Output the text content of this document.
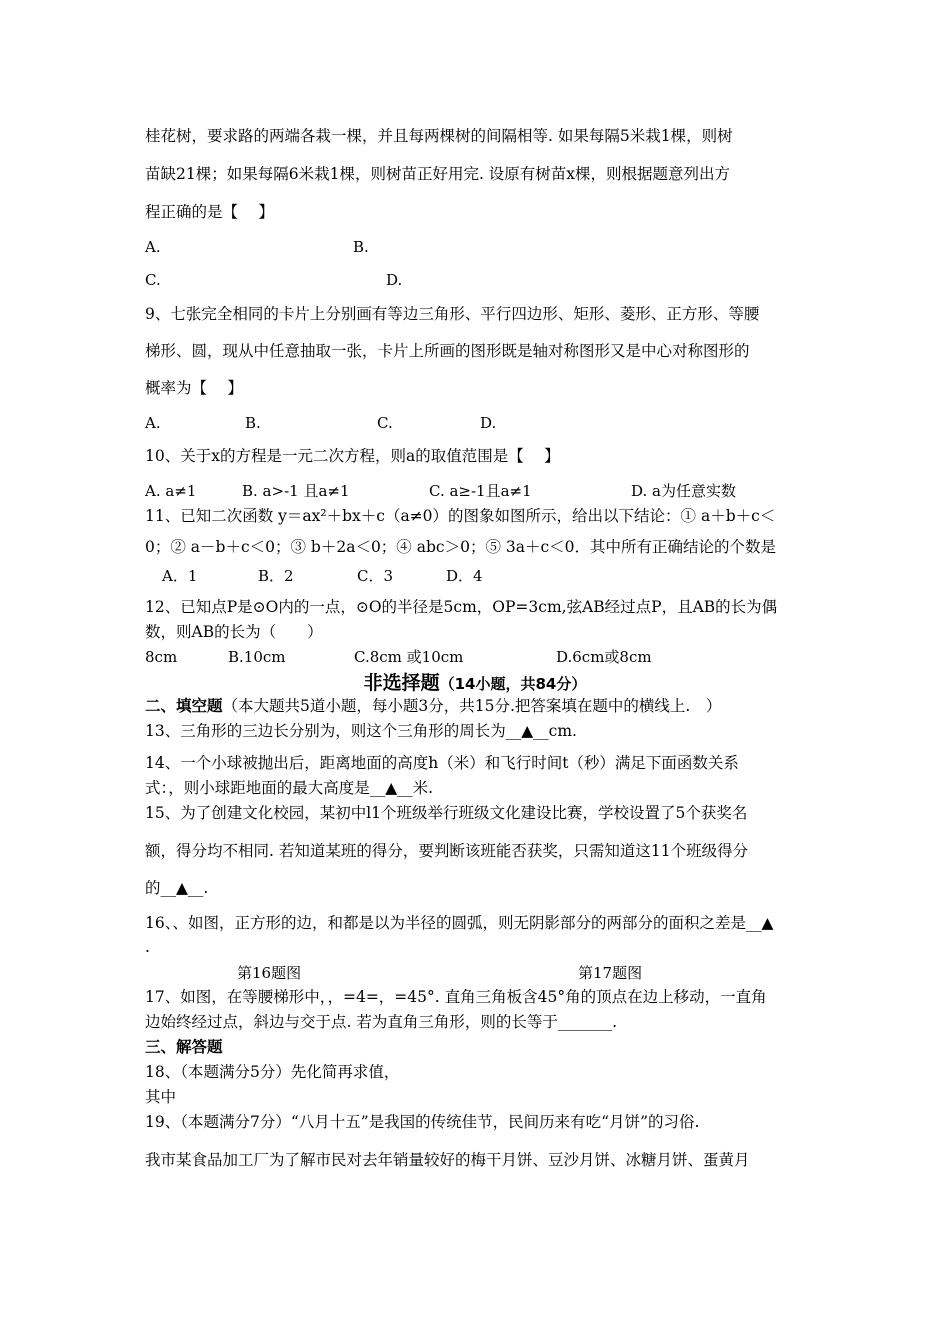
桂花树，要求路的两端各栽一棵，并且每两棵树的间隔相等. 如果每隔5米栽1棵，则树
苗缺21棵；如果每隔6米栽1棵，则树苗正好用完. 设原有树苗x棵，则根据题意列出方
程正确的是【　 】
A.	B.
C.	D.
9、七张完全相同的卡片上分别画有等边三角形、平行四边形、矩形、菱形、正方形、等腰
梯形、圆，现从中任意抽取一张，卡片上所画的图形既是轴对称图形又是中心对称图形的
概率为【　 】
A.	B.	C.	D.
10、关于x的方程是一元二次方程，则a的取值范围是【　 】
A. a≠1	B. a>-1 且a≠1	C. a≥-1且a≠1	D. a为任意实数
11、已知二次函数 y＝ax²＋bx＋c（a≠0）的图象如图所示，给出以下结论：① a＋b＋c＜
0；② a－b＋c＜0；③ b＋2a＜0；④ abc＞0；⑤ 3a＋c＜0．其中所有正确结论的个数是
A．1	B．2	C．3	D．4
12、已知点P是⊙O内的一点，⊙O的半径是5cm，OP=3cm,弦AB经过点P，且AB的长为偶
数，则AB的长为（　　）
8cm	B.10cm	C.8cm 或10cm	D.6cm或8cm
非选择题（14小题，共84分）
二、填空题（本大题共5道小题，每小题3分，共15分.把答案填在题中的横线上.　）
13、三角形的三边长分别为，则这个三角形的周长为__▲__cm.
14、一个小球被抛出后，距离地面的高度h（米）和飞行时间t（秒）满足下面函数关系
式：，则小球距地面的最大高度是__▲__米.
15、为了创建文化校园，某初中l1个班级举行班级文化建设比赛，学校设置了5个获奖名
额，得分均不相同. 若知道某班的得分，要判断该班能否获奖，只需知道这11个班级得分
的__▲__.
16、、如图，正方形的边，和都是以为半径的圆弧，则无阴影部分的两部分的面积之差是__▲
.
第16题图	第17题图
17、如图，在等腰梯形中，，=4=，=45°. 直角三角板含45°角的顶点在边上移动，一直角
边始终经过点，斜边与交于点. 若为直角三角形，则的长等于_______.
三、解答题
18、（本题满分5分）先化简再求值，
其中
19、（本题满分7分）“八月十五”是我国的传统佳节，民间历来有吃“月饼”的习俗.
我市某食品加工厂为了解市民对去年销量较好的梅干月饼、豆沙月饼、冰糖月饼、蛋黄月
